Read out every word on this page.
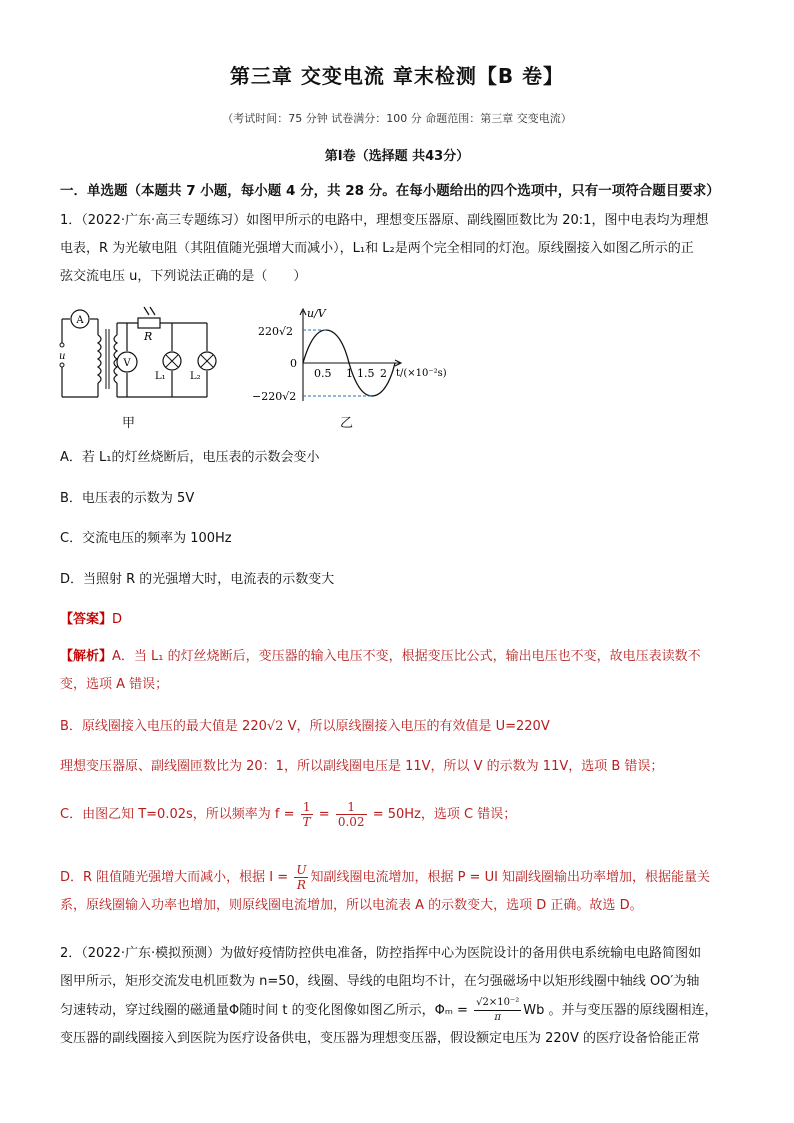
第三章 交变电流 章末检测【B 卷】
（考试时间：75 分钟 试卷满分：100 分 命题范围：第三章 交变电流）
第Ⅰ卷（选择题 共43分）
一．单选题（本题共 7 小题，每小题 4 分，共 28 分。在每小题给出的四个选项中，只有一项符合题目要求）
1．（2022·广东·高三专题练习）如图甲所示的电路中，理想变压器原、副线圈匝数比为 20:1，图中电表均为理想
电表，R 为光敏电阻（其阻值随光强增大而减小），L₁和 L₂是两个完全相同的灯泡。原线圈接入如图乙所示的正
弦交流电压 u，下列说法正确的是（　　）
A
V
u
R
L₁ L₂
甲
u/V
220√2
0
−220√2
0.5 1 1.5 2 t/(×10⁻²s)
乙
A．若 L₁的灯丝烧断后，电压表的示数会变小
B．电压表的示数为 5V
C．交流电压的频率为 100Hz
D．当照射 R 的光强增大时，电流表的示数变大
【答案】D
【解析】A．当 L₁ 的灯丝烧断后，变压器的输入电压不变，根据变压比公式，输出电压也不变，故电压表读数不
变，选项 A 错误；
B．原线圈接入电压的最大值是 220√2 V，所以原线圈接入电压的有效值是 U=220V
理想变压器原、副线圈匝数比为 20：1，所以副线圈电压是 11V，所以 V 的示数为 11V，选项 B 错误；
C．由图乙知 T=0.02s，所以频率为 $f = \frac{1}{T} = \frac{1}{0.02} = 50Hz$，选项 C 错误；
D．R 阻值随光强增大而减小，根据 $I = \frac{U}{R}$ 知副线圈电流增加，根据 P = UI 知副线圈输出功率增加，根据能量关
系，原线圈输入功率也增加，则原线圈电流增加，所以电流表 A 的示数变大，选项 D 正确。故选 D。
2．（2022·广东·模拟预测）为做好疫情防控供电准备，防控指挥中心为医院设计的备用供电系统输电电路简图如
图甲所示，矩形交流发电机匝数为 n=50，线圈、导线的电阻均不计，在匀强磁场中以矩形线圈中轴线 OO′为轴
匀速转动，穿过线圈的磁通量Φ随时间 t 的变化图像如图乙所示，$\Phi_m = \frac{\text{√2×10⁻²}}{\pi}$ Wb 。并与变压器的原线圈相连，
变压器的副线圈接入到医院为医疗设备供电，变压器为理想变压器，假设额定电压为 220V 的医疗设备恰能正常
